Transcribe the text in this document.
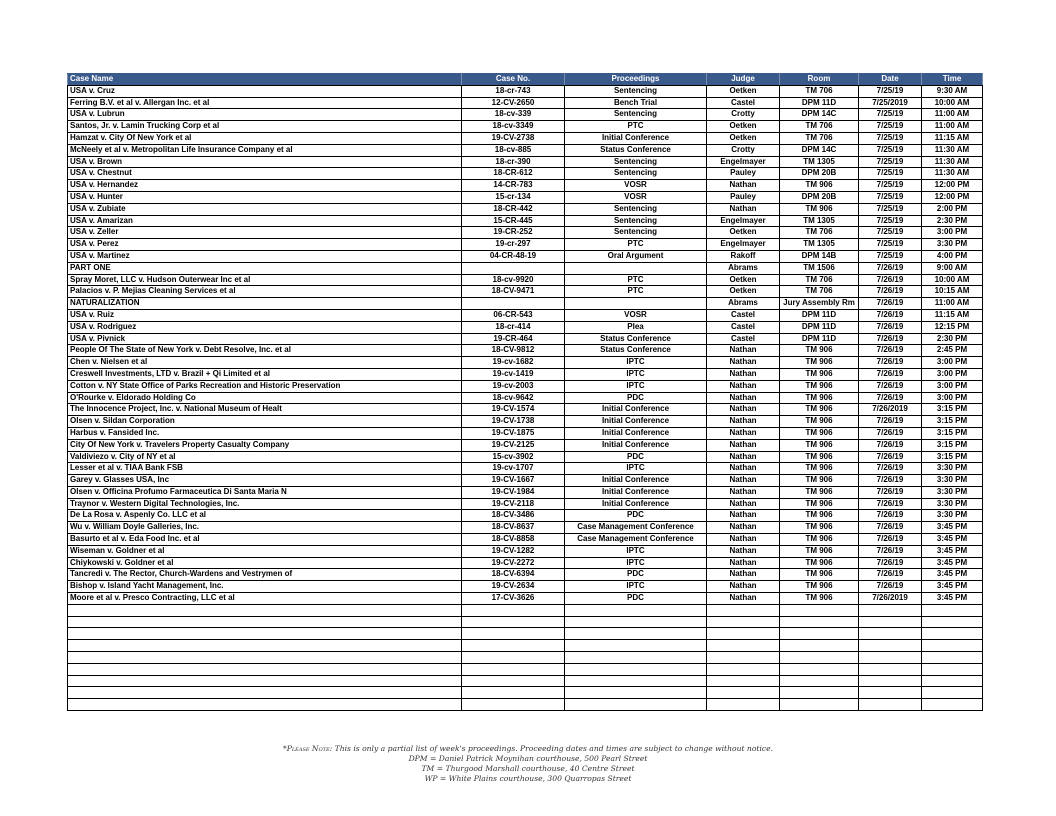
Case Name	Case No.	Proceedings	Judge	Room	Date	Time
USA v. Cruz	18-cr-743	Sentencing	Oetken	TM 706	7/25/19	9:30 AM
Ferring B.V. et al v. Allergan Inc. et al	12-CV-2650	Bench Trial	Castel	DPM 11D	7/25/2019	10:00 AM
USA v. Lubrun	18-cv-339	Sentencing	Crotty	DPM 14C	7/25/19	11:00 AM
Santos, Jr. v. Lamin Trucking Corp et al	18-cv-3349	PTC	Oetken	TM 706	7/25/19	11:00 AM
Hamzat v. City Of New York et al	19-CV-2738	Initial Conference	Oetken	TM 706	7/25/19	11:15 AM
McNeely et al v. Metropolitan Life Insurance Company et al	18-cv-885	Status Conference	Crotty	DPM 14C	7/25/19	11:30 AM
USA v. Brown	18-cr-390	Sentencing	Engelmayer	TM 1305	7/25/19	11:30 AM
USA v. Chestnut	18-CR-612	Sentencing	Pauley	DPM 20B	7/25/19	11:30 AM
USA v. Hernandez	14-CR-783	VOSR	Nathan	TM 906	7/25/19	12:00 PM
USA v. Hunter	15-cr-134	VOSR	Pauley	DPM 20B	7/25/19	12:00 PM
USA v. Zubiate	18-CR-442	Sentencing	Nathan	TM 906	7/25/19	2:00 PM
USA v. Amarizan	15-CR-445	Sentencing	Engelmayer	TM 1305	7/25/19	2:30 PM
USA v. Zeller	19-CR-252	Sentencing	Oetken	TM 706	7/25/19	3:00 PM
USA v. Perez	19-cr-297	PTC	Engelmayer	TM 1305	7/25/19	3:30 PM
USA v. Martinez	04-CR-48-19	Oral Argument	Rakoff	DPM 14B	7/25/19	4:00 PM
PART ONE			Abrams	TM 1506	7/26/19	9:00 AM
Spray Moret, LLC v. Hudson Outerwear Inc et al	18-cv-9920	PTC	Oetken	TM 706	7/26/19	10:00 AM
Palacios v. P. Mejias Cleaning Services et al	18-CV-9471	PTC	Oetken	TM 706	7/26/19	10:15 AM
NATURALIZATION			Abrams	Jury Assembly Rm	7/26/19	11:00 AM
USA v. Ruiz	06-CR-543	VOSR	Castel	DPM 11D	7/26/19	11:15 AM
USA v. Rodriguez	18-cr-414	Plea	Castel	DPM 11D	7/26/19	12:15 PM
USA v. Pivnick	19-CR-464	Status Conference	Castel	DPM 11D	7/26/19	2:30 PM
People Of The State of New York v. Debt Resolve, Inc. et al	18-CV-9812	Status Conference	Nathan	TM 906	7/26/19	2:45 PM
Chen v. Nielsen et al	19-cv-1682	IPTC	Nathan	TM 906	7/26/19	3:00 PM
Creswell Investments, LTD v. Brazil + Qi Limited et al	19-cv-1419	IPTC	Nathan	TM 906	7/26/19	3:00 PM
Cotton v. NY State Office of Parks Recreation and Historic Preservation	19-cv-2003	IPTC	Nathan	TM 906	7/26/19	3:00 PM
O'Rourke v. Eldorado Holding Co	18-cv-9642	PDC	Nathan	TM 906	7/26/19	3:00 PM
The Innocence Project, Inc. v. National Museum of Healt	19-CV-1574	Initial Conference	Nathan	TM 906	7/26/2019	3:15 PM
Olsen v. Sildan Corporation	19-CV-1738	Initial Conference	Nathan	TM 906	7/26/19	3:15 PM
Harbus v. Fansided Inc.	19-CV-1875	Initial Conference	Nathan	TM 906	7/26/19	3:15 PM
City Of New York v. Travelers Property Casualty Company	19-CV-2125	Initial Conference	Nathan	TM 906	7/26/19	3:15 PM
Valdiviezo v. City of NY et al	15-cv-3902	PDC	Nathan	TM 906	7/26/19	3:15 PM
Lesser et al v. TIAA Bank FSB	19-cv-1707	IPTC	Nathan	TM 906	7/26/19	3:30 PM
Garey v. Glasses USA, Inc	19-CV-1667	Initial Conference	Nathan	TM 906	7/26/19	3:30 PM
Olsen v. Officina Profumo Farmaceutica Di Santa Maria N	19-CV-1984	Initial Conference	Nathan	TM 906	7/26/19	3:30 PM
Traynor v. Western Digital Technologies, Inc.	19-CV-2118	Initial Conference	Nathan	TM 906	7/26/19	3:30 PM
De La Rosa v. Aspenly Co. LLC et al	18-CV-3486	PDC	Nathan	TM 906	7/26/19	3:30 PM
Wu v. William Doyle Galleries, Inc.	18-CV-8637	Case Management Conference	Nathan	TM 906	7/26/19	3:45 PM
Basurto et al v. Eda Food Inc. et al	18-CV-8858	Case Management Conference	Nathan	TM 906	7/26/19	3:45 PM
Wiseman v. Goldner et al	19-CV-1282	IPTC	Nathan	TM 906	7/26/19	3:45 PM
Chiykowski v. Goldner et al	19-CV-2272	IPTC	Nathan	TM 906	7/26/19	3:45 PM
Tancredi v. The Rector, Church-Wardens and Vestrymen of	18-CV-6394	PDC	Nathan	TM 906	7/26/19	3:45 PM
Bishop v. Island Yacht Management, Inc.	19-CV-2634	IPTC	Nathan	TM 906	7/26/19	3:45 PM
Moore et al v. Presco Contracting, LLC et al	17-CV-3626	PDC	Nathan	TM 906	7/26/2019	3:45 PM

*Please Note: This is only a partial list of week's proceedings. Proceeding dates and times are subject to change without notice.
DPM = Daniel Patrick Moynihan courthouse, 500 Pearl Street
TM = Thurgood Marshall courthouse, 40 Centre Street
WP = White Plains courthouse, 300 Quarropas Street
